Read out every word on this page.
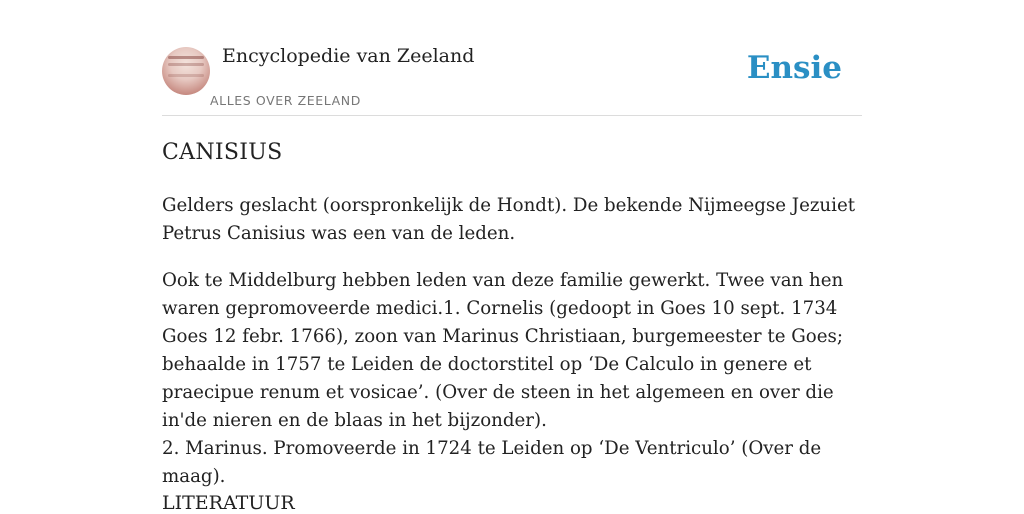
Encyclopedie van Zeeland
ALLES OVER ZEELAND
Ensie
CANISIUS

Gelders geslacht (oorspronkelijk de Hondt). De bekende Nijmeegse Jezuiet Petrus Canisius was een van de leden.

Ook te Middelburg hebben leden van deze familie gewerkt. Twee van hen waren gepromoveerde medici.1. Cornelis (gedoopt in Goes 10 sept. 1734 Goes 12 febr. 1766), zoon van Marinus Christiaan, burgemeester te Goes; behaalde in 1757 te Leiden de doctorstitel op ‘De Calculo in genere et praecipue renum et vosicae’. (Over de steen in het algemeen en over die in'de nieren en de blaas in het bijzonder).
2. Marinus. Promoveerde in 1724 te Leiden op ‘De Ventriculo’ (Over de maag).

LITERATUUR
